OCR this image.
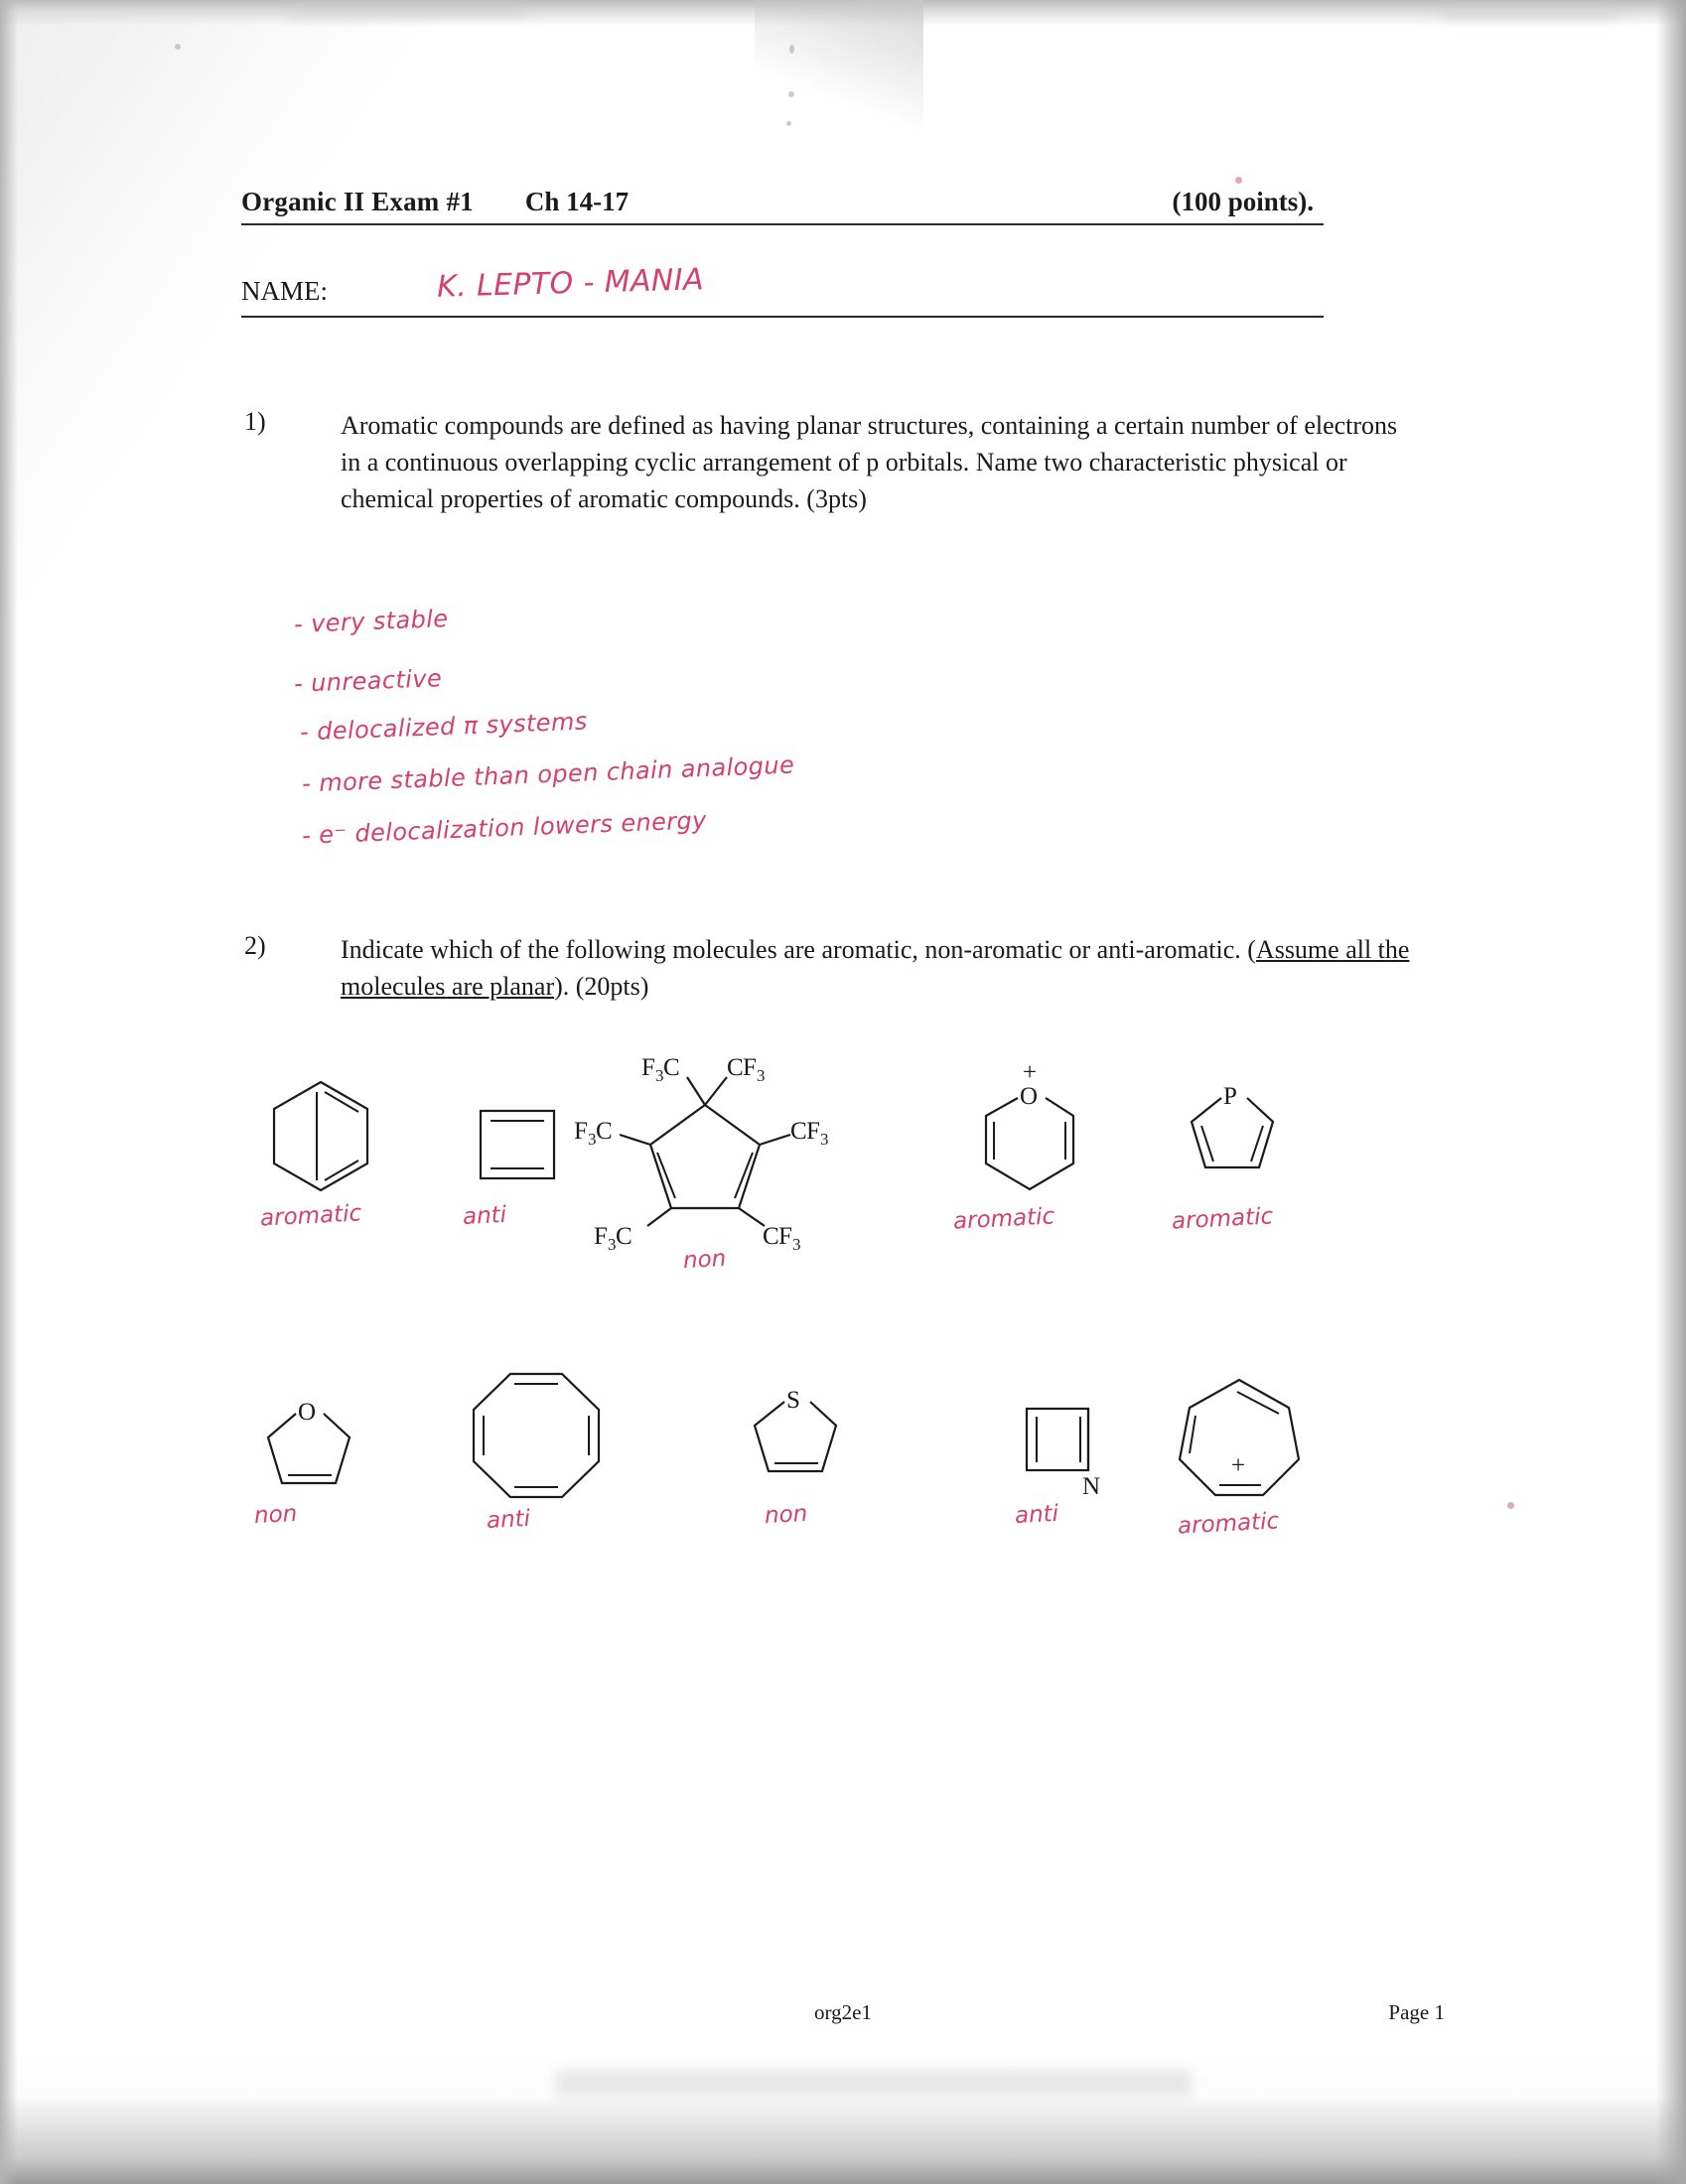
Organic II Exam #1 Ch 14-17	(100 points).
NAME:	K. LEPTO - MANIA
1)	Aromatic compounds are defined as having planar structures, containing a certain number of electrons in a continuous overlapping cyclic arrangement of p orbitals. Name two characteristic physical or chemical properties of aromatic compounds. (3pts)
- very stable
- unreactive
- delocalized π systems
- more stable than open chain analogue
- e⁻ delocalization lowers energy
2)	Indicate which of the following molecules are aromatic, non-aromatic or anti-aromatic. (Assume all the molecules are planar). (20pts)
aromatic	anti
F 3 C C F 3
F 3 C	C F 3
F 3 C	C F 3
non
O
+
aromatic
P
aromatic
O
non	anti
S
non
N
anti
+
aromatic
org2e1	Page 1
